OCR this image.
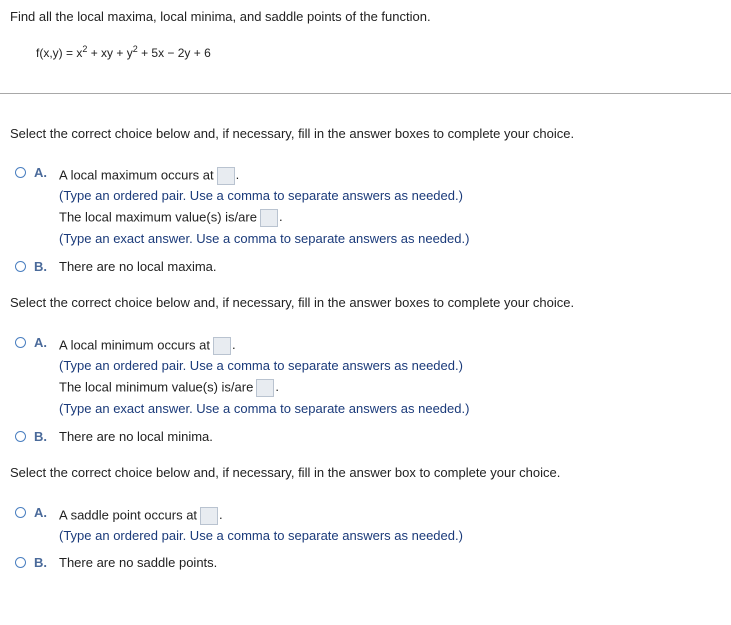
Find all the local maxima, local minima, and saddle points of the function.
$f(x,y) = x^2$ + xy + $y^2 + 5x - 2y + 6$
Select the correct choice below and, if necessary, fill in the answer boxes to complete your choice.
A. A local maximum occurs at .
(Type an ordered pair. Use a comma to separate answers as needed.)
The local maximum value(s) is/are .
(Type an exact answer. Use a comma to separate answers as needed.)
B. There are no local maxima.
Select the correct choice below and, if necessary, fill in the answer boxes to complete your choice.
A. A local minimum occurs at .
(Type an ordered pair. Use a comma to separate answers as needed.)
The local minimum value(s) is/are .
(Type an exact answer. Use a comma to separate answers as needed.)
B. There are no local minima.
Select the correct choice below and, if necessary, fill in the answer box to complete your choice.
A. A saddle point occurs at .
(Type an ordered pair. Use a comma to separate answers as needed.)
B. There are no saddle points.
